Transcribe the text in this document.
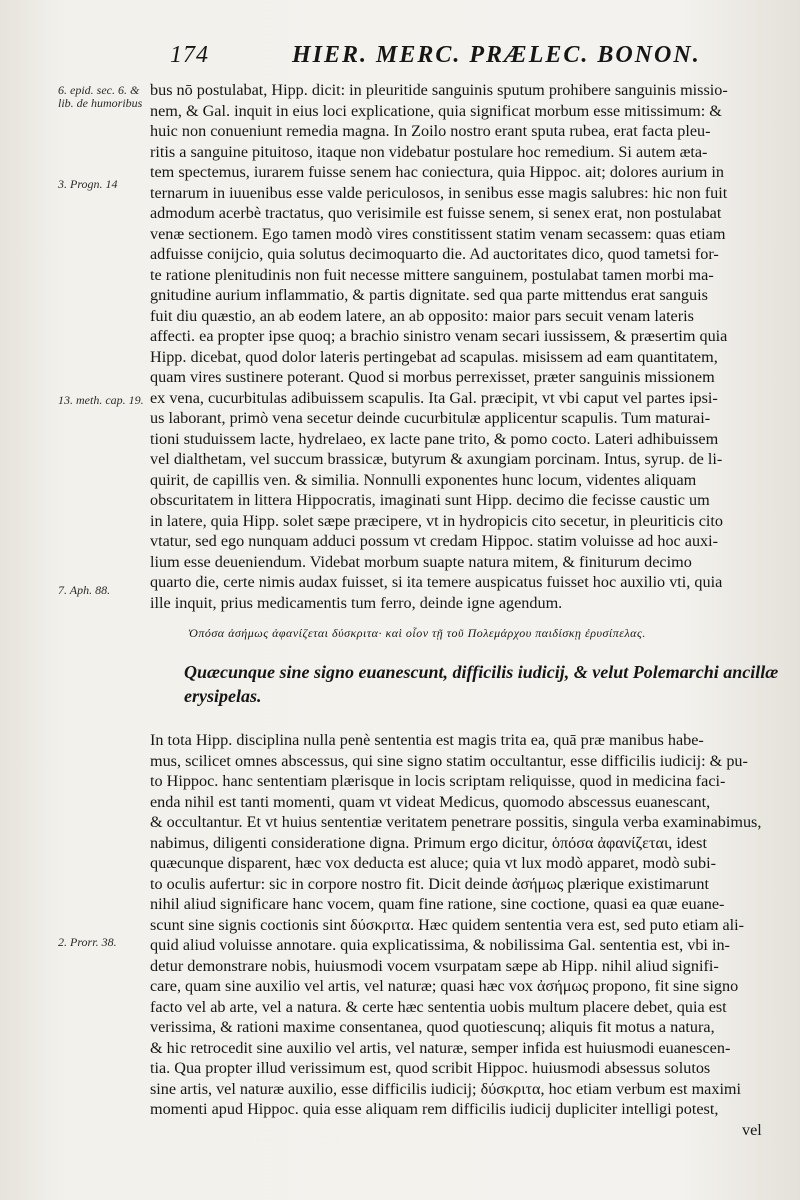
174	HIER. MERC. PRÆLEC. BONON.
6. epid. sec. 6. & lib. de humoribus
3. Progn. 14
13. meth. cap. 19.
7. Aph. 88.
2. Prorr. 38.
bus nō postulabat, Hipp. dicit: in pleuritide sanguinis sputum prohibere sanguinis missio-
nem, & Gal. inquit in eius loci explicatione, quia significat morbum esse mitissimum: &
huic non conueniunt remedia magna. In Zoilo nostro erant sputa rubea, erat facta pleu-
ritis a sanguine pituitoso, itaque non videbatur postulare hoc remedium. Si autem æta-
tem spectemus, iurarem fuisse senem hac coniectura, quia Hippoc. ait; dolores aurium in
ternarum in iuuenibus esse valde periculosos, in senibus esse magis salubres: hic non fuit
admodum acerbè tractatus, quo verisimile est fuisse senem, si senex erat, non postulabat
venæ sectionem. Ego tamen modò vires constitissent statim venam secassem: quas etiam
adfuisse conijcio, quia solutus decimoquarto die. Ad auctoritates dico, quod tametsi for-
te ratione plenitudinis non fuit necesse mittere sanguinem, postulabat tamen morbi ma-
gnitudine aurium inflammatio, & partis dignitate. sed qua parte mittendus erat sanguis
fuit diu quæstio, an ab eodem latere, an ab opposito: maior pars secuit venam lateris
affecti. ea propter ipse quoq; a brachio sinistro venam secari iussissem, & præsertim quia
Hipp. dicebat, quod dolor lateris pertingebat ad scapulas. misissem ad eam quantitatem,
quam vires sustinere poterant. Quod si morbus perrexisset, præter sanguinis missionem
ex vena, cucurbitulas adibuissem scapulis. Ita Gal. præcipit, vt vbi caput vel partes ipsi-
us laborant, primò vena secetur deinde cucurbitulæ applicentur scapulis. Tum maturai-
tioni studuissem lacte, hydrelaeo, ex lacte pane trito, & pomo cocto. Lateri adhibuissem
vel dialthetam, vel succum brassicæ, butyrum & axungiam porcinam. Intus, syrup. de li-
quirit, de capillis ven. & similia. Nonnulli exponentes hunc locum, videntes aliquam
obscuritatem in littera Hippocratis, imaginati sunt Hipp. decimo die fecisse caustic um
in latere, quia Hipp. solet sæpe præcipere, vt in hydropicis cito secetur, in pleuriticis cito
vtatur, sed ego nunquam adduci possum vt credam Hippoc. statim voluisse ad hoc auxi-
lium esse deueniendum. Videbat morbum suapte natura mitem, & finiturum decimo
quarto die, certe nimis audax fuisset, si ita temere auspicatus fuisset hoc auxilio vti, quia
ille inquit, prius medicamentis tum ferro, deinde igne agendum.
Ὁπόσα ἀσήμως ἀφανίζεται δύσκριτα· καὶ οἷον τῇ τοῦ Πολεμάρχου παιδίσκῃ ἐρυσίπελας.
Quæcunque sine signo euanescunt, difficilis iudicij, & velut Polemarchi ancillæ
erysipelas.
In tota Hipp. disciplina nulla penè sententia est magis trita ea, quā præ manibus habe-
mus, scilicet omnes abscessus, qui sine signo statim occultantur, esse difficilis iudicij: & pu-
to Hippoc. hanc sententiam plærisque in locis scriptam reliquisse, quod in medicina faci-
enda nihil est tanti momenti, quam vt videat Medicus, quomodo abscessus euanescant,
& occultantur. Et vt huius sententiæ veritatem penetrare possitis, singula verba examinabimus,
nabimus, diligenti consideratione digna. Primum ergo dicitur, ὁπόσα ἀφανίζεται, idest
quæcunque disparent, hæc vox deducta est aluce; quia vt lux modò apparet, modò subi-
to oculis aufertur: sic in corpore nostro fit. Dicit deinde ἀσήμως plærique existimarunt
nihil aliud significare hanc vocem, quam fine ratione, sine coctione, quasi ea quæ euane-
scunt sine signis coctionis sint δύσκριτα. Hæc quidem sententia vera est, sed puto etiam ali-
quid aliud voluisse annotare. quia explicatissima, & nobilissima Gal. sententia est, vbi in-
detur demonstrare nobis, huiusmodi vocem vsurpatam sæpe ab Hipp. nihil aliud signifi-
care, quam sine auxilio vel artis, vel naturæ; quasi hæc vox ἀσήμως propono, fit sine signo
facto vel ab arte, vel a natura. & certe hæc sententia uobis multum placere debet, quia est
verissima, & rationi maxime consentanea, quod quotiescunq; aliquis fit motus a natura,
& hic retrocedit sine auxilio vel artis, vel naturæ, semper infida est huiusmodi euanescen-
tia. Qua propter illud verissimum est, quod scribit Hippoc. huiusmodi absessus solutos
sine artis, vel naturæ auxilio, esse difficilis iudicij; δύσκριτα, hoc etiam verbum est maximi
momenti apud Hippoc. quia esse aliquam rem difficilis iudicij dupliciter intelligi potest,
vel
